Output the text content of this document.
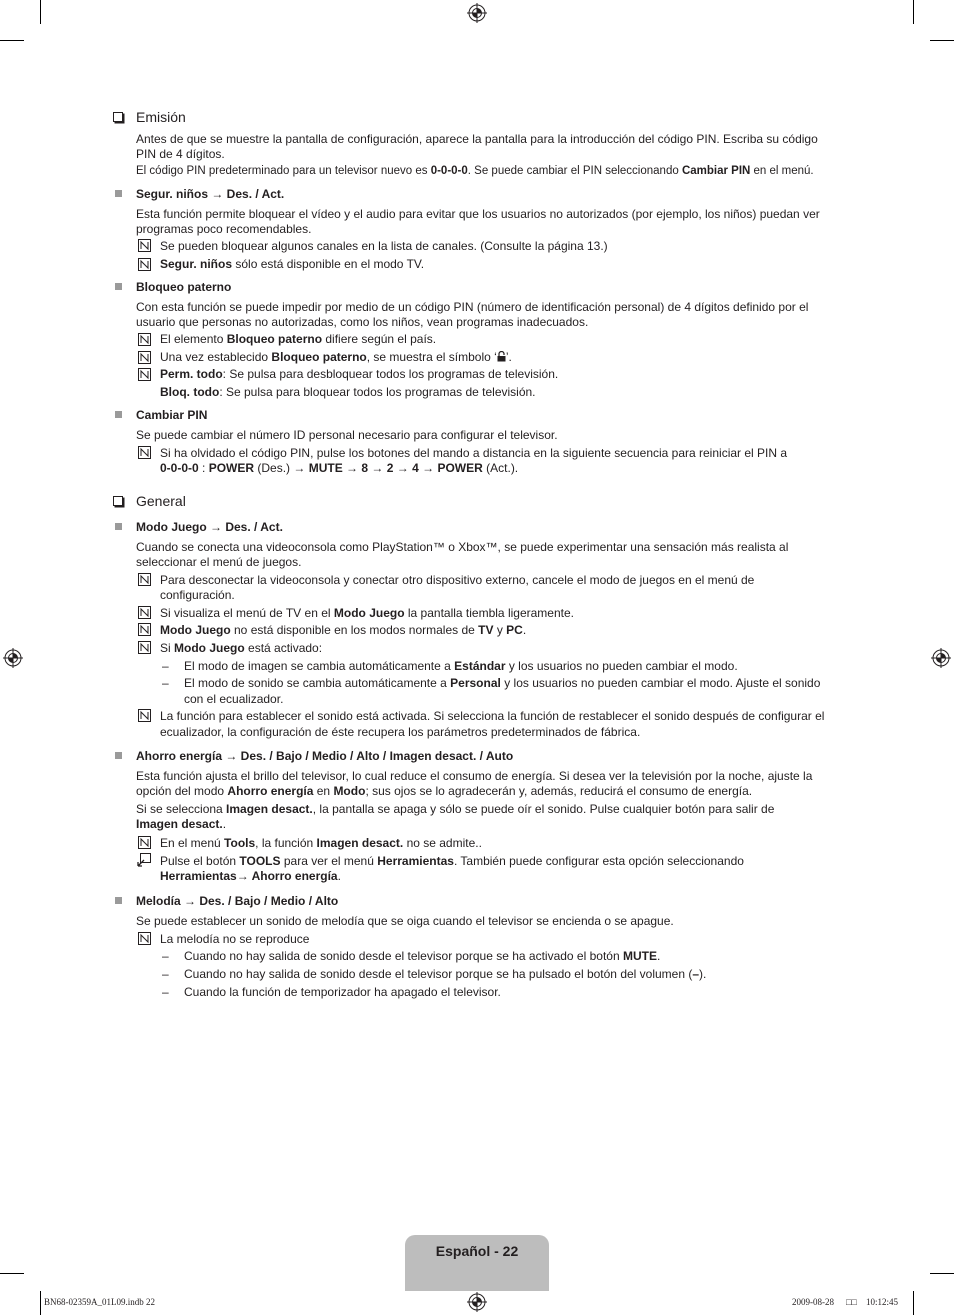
Emisión
Antes de que se muestre la pantalla de configuración, aparece la pantalla para la introducción del código PIN. Escriba su código
PIN de 4 dígitos.
El código PIN predeterminado para un televisor nuevo es 0-0-0-0. Se puede cambiar el PIN seleccionando Cambiar PIN en el menú.
Segur. niños → Des. / Act.
Esta función permite bloquear el vídeo y el audio para evitar que los usuarios no autorizados (por ejemplo, los niños) puedan ver
programas poco recomendables.
Se pueden bloquear algunos canales en la lista de canales. (Consulte la página 13.)
Segur. niños sólo está disponible en el modo TV.
Bloqueo paterno
Con esta función se puede impedir por medio de un código PIN (número de identificación personal) de 4 dígitos definido por el
usuario que personas no autorizadas, como los niños, vean programas inadecuados.
El elemento Bloqueo paterno difiere según el país.
Una vez establecido Bloqueo paterno, se muestra el símbolo ‘ ’.
Perm. todo: Se pulsa para desbloquear todos los programas de televisión.
Bloq. todo: Se pulsa para bloquear todos los programas de televisión.
Cambiar PIN
Se puede cambiar el número ID personal necesario para configurar el televisor.
Si ha olvidado el código PIN, pulse los botones del mando a distancia en la siguiente secuencia para reiniciar el PIN a
0-0-0-0 : POWER (Des.) → MUTE → 8 → 2 → 4 → POWER (Act.).
General
Modo Juego → Des. / Act.
Cuando se conecta una videoconsola como PlayStation™ o Xbox™, se puede experimentar una sensación más realista al
seleccionar el menú de juegos.
Para desconectar la videoconsola y conectar otro dispositivo externo, cancele el modo de juegos en el menú de
configuración.
Si visualiza el menú de TV en el Modo Juego la pantalla tiembla ligeramente.
Modo Juego no está disponible en los modos normales de TV y PC.
Si Modo Juego está activado:
– El modo de imagen se cambia automáticamente a Estándar y los usuarios no pueden cambiar el modo.
– El modo de sonido se cambia automáticamente a Personal y los usuarios no pueden cambiar el modo. Ajuste el sonido
con el ecualizador.
La función para establecer el sonido está activada. Si selecciona la función de restablecer el sonido después de configurar el
ecualizador, la configuración de éste recupera los parámetros predeterminados de fábrica.
Ahorro energía → Des. / Bajo / Medio / Alto / Imagen desact. / Auto
Esta función ajusta el brillo del televisor, lo cual reduce el consumo de energía. Si desea ver la televisión por la noche, ajuste la
opción del modo Ahorro energía en Modo; sus ojos se lo agradecerán y, además, reducirá el consumo de energía.
Si se selecciona Imagen desact., la pantalla se apaga y sólo se puede oír el sonido. Pulse cualquier botón para salir de
Imagen desact..
En el menú Tools, la función Imagen desact. no se admite..
Pulse el botón TOOLS para ver el menú Herramientas. También puede configurar esta opción seleccionando
Herramientas→ Ahorro energía.
Melodía → Des. / Bajo / Medio / Alto
Se puede establecer un sonido de melodía que se oiga cuando el televisor se encienda o se apague.
La melodía no se reproduce
– Cuando no hay salida de sonido desde el televisor porque se ha activado el botón MUTE.
– Cuando no hay salida de sonido desde el televisor porque se ha pulsado el botón del volumen (–).
– Cuando la función de temporizador ha apagado el televisor.
Español - 22
BN68-02359A_01L09.indb 22	2009-08-28 □□ 10:12:45
